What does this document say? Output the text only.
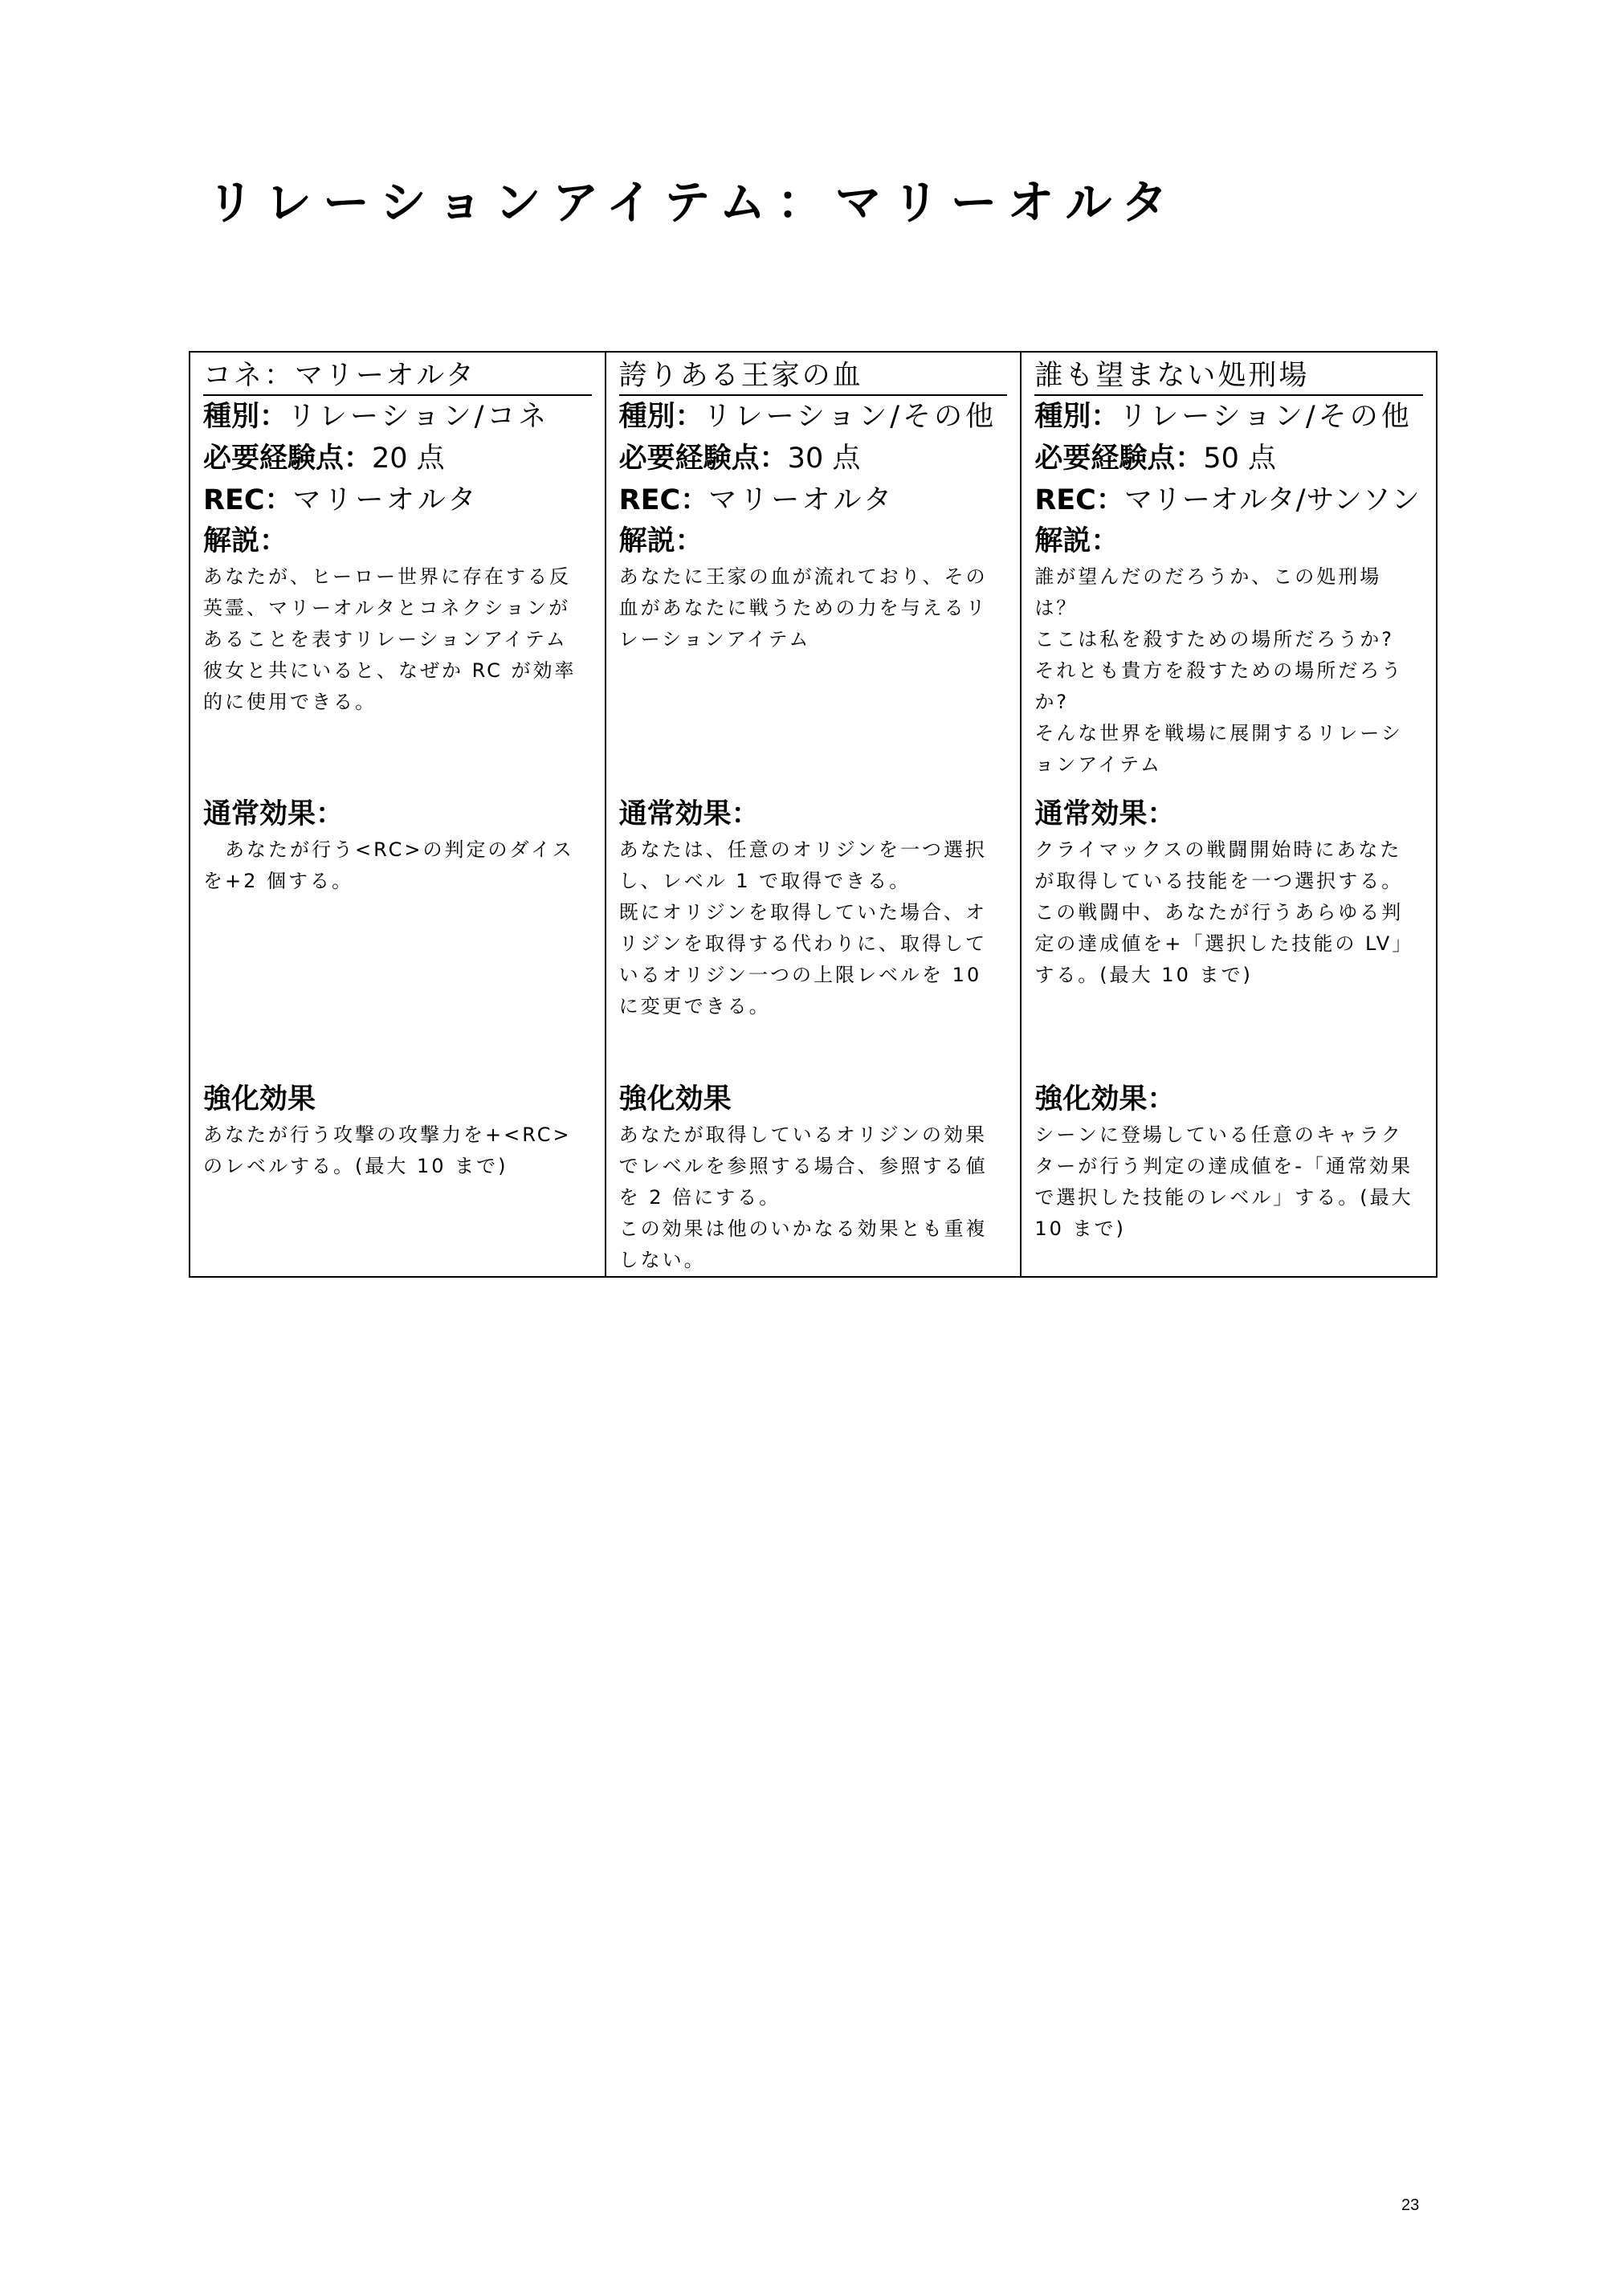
リレーションアイテム：マリーオルタ
コネ：マリーオルタ
種別：リレーション/コネ
必要経験点：20 点
REC：マリーオルタ
解説：
あなたが、ヒーロー世界に存在する反英霊、マリーオルタとコネクションがあることを表すリレーションアイテム
彼女と共にいると、なぜか RC が効率的に使用できる。
通常効果：
　あなたが行う<RC>の判定のダイスを+2 個する。
強化効果
あなたが行う攻撃の攻撃力を+<RC>のレベルする。(最大 10 まで)

誇りある王家の血
種別：リレーション/その他
必要経験点：30 点
REC：マリーオルタ
解説：
あなたに王家の血が流れており、その血があなたに戦うための力を与えるリレーションアイテム
通常効果：
あなたは、任意のオリジンを一つ選択し、レベル 1 で取得できる。
既にオリジンを取得していた場合、オリジンを取得する代わりに、取得しているオリジン一つの上限レベルを 10 に変更できる。
強化効果
あなたが取得しているオリジンの効果でレベルを参照する場合、参照する値を 2 倍にする。
この効果は他のいかなる効果とも重複しない。

誰も望まない処刑場
種別：リレーション/その他
必要経験点：50 点
REC：マリーオルタ/サンソン
解説：
誰が望んだのだろうか、この処刑場は？
ここは私を殺すための場所だろうか?
それとも貴方を殺すための場所だろうか?
そんな世界を戦場に展開するリレーションアイテム
通常効果：
クライマックスの戦闘開始時にあなたが取得している技能を一つ選択する。
この戦闘中、あなたが行うあらゆる判定の達成値を+「選択した技能の LV」する。(最大 10 まで)
強化効果：
シーンに登場している任意のキャラクターが行う判定の達成値を-「通常効果で選択した技能のレベル」する。(最大 10 まで)
23
